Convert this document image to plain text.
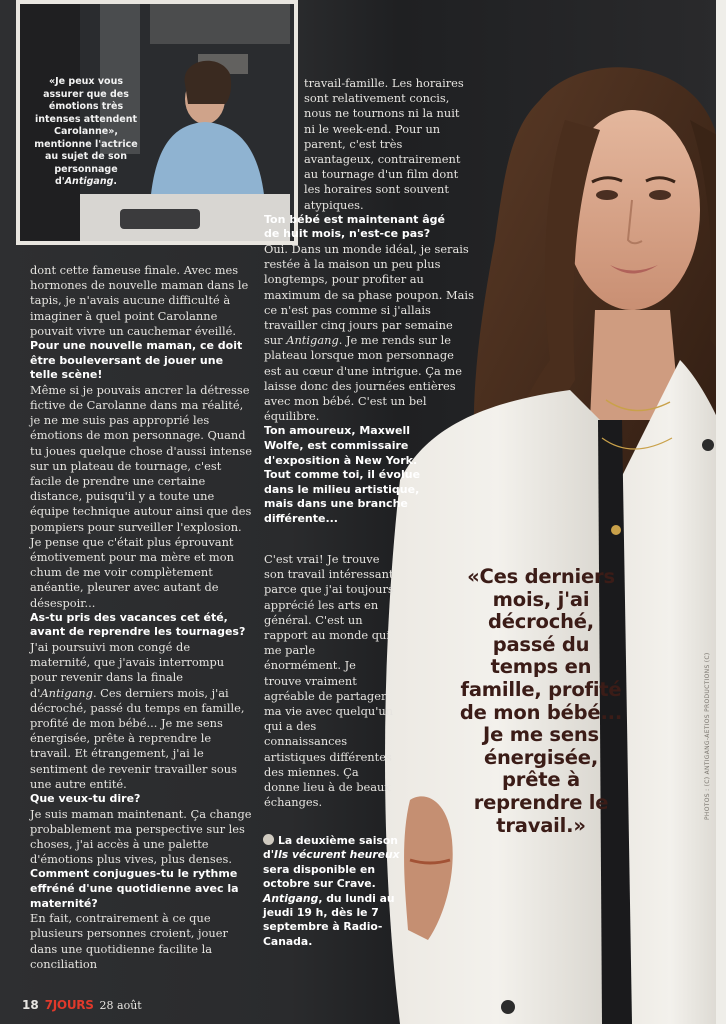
«Je peux vous assurer que des émotions très intenses attendent Carolanne», mentionne l'actrice au sujet de son personnage d'Antigang.

dont cette fameuse finale. Avec mes hormones de nouvelle maman dans le tapis, je n'avais aucune difficulté à imaginer à quel point Carolanne pouvait vivre un cauchemar éveillé.

Pour une nouvelle maman, ce doit être bouleversant de jouer une telle scène!

Même si je pouvais ancrer la détresse fictive de Carolanne dans ma réalité, je ne me suis pas approprié les émotions de mon personnage. Quand tu joues quelque chose d'aussi intense sur un plateau de tournage, c'est facile de prendre une certaine distance, puisqu'il y a toute une équipe technique autour ainsi que des pompiers pour surveiller l'explosion. Je pense que c'était plus éprouvant émotivement pour ma mère et mon chum de me voir complètement anéantie, pleurer avec autant de désespoir...

As-tu pris des vacances cet été, avant de reprendre les tournages?

J'ai poursuivi mon congé de maternité, que j'avais interrompu pour revenir dans la finale d'Antigang. Ces derniers mois, j'ai décroché, passé du temps en famille, profité de mon bébé... Je me sens énergisée, prête à reprendre le travail. Et étrangement, j'ai le sentiment de revenir travailler sous une autre entité.

Que veux-tu dire?

Je suis maman maintenant. Ça change probablement ma perspective sur les choses, j'ai accès à une palette d'émotions plus vives, plus denses.

Comment conjugues-tu le rythme effréné d'une quotidienne avec la maternité?

En fait, contrairement à ce que plusieurs personnes croient, jouer dans une quotidienne facilite la conciliation

travail-famille. Les horaires sont relativement concis, nous ne tournons ni la nuit ni le week-end. Pour un parent, c'est très avantageux, contrairement au tournage d'un film dont les horaires sont souvent atypiques.

Ton bébé est maintenant âgé de huit mois, n'est-ce pas?

Oui. Dans un monde idéal, je serais restée à la maison un peu plus longtemps, pour profiter au maximum de sa phase poupon. Mais ce n'est pas comme si j'allais travailler cinq jours par semaine sur Antigang. Je me rends sur le plateau lorsque mon personnage est au cœur d'une intrigue. Ça me laisse donc des journées entières avec mon bébé. C'est un bel équilibre.

Ton amoureux, Maxwell Wolfe, est commissaire d'exposition à New York. Tout comme toi, il évolue dans le milieu artistique, mais dans une branche différente...

C'est vrai! Je trouve son travail intéressant parce que j'ai toujours apprécié les arts en général. C'est un rapport au monde qui me parle énormément. Je trouve vraiment agréable de partager ma vie avec quelqu'un qui a des connaissances artistiques différentes des miennes. Ça donne lieu à de beaux échanges.

La deuxième saison d'Ils vécurent heureux sera disponible en octobre sur Crave. Antigang, du lundi au jeudi 19 h, dès le 7 septembre à Radio-Canada.
«Ces derniers mois, j'ai décroché, passé du temps en famille, profité de mon bébé... Je me sens énergisée, prête à reprendre le travail.»
PHOTOS : (C) ANTIGANG-AETIOS PRODUCTIONS (C)
18 7JOURS 28 août
